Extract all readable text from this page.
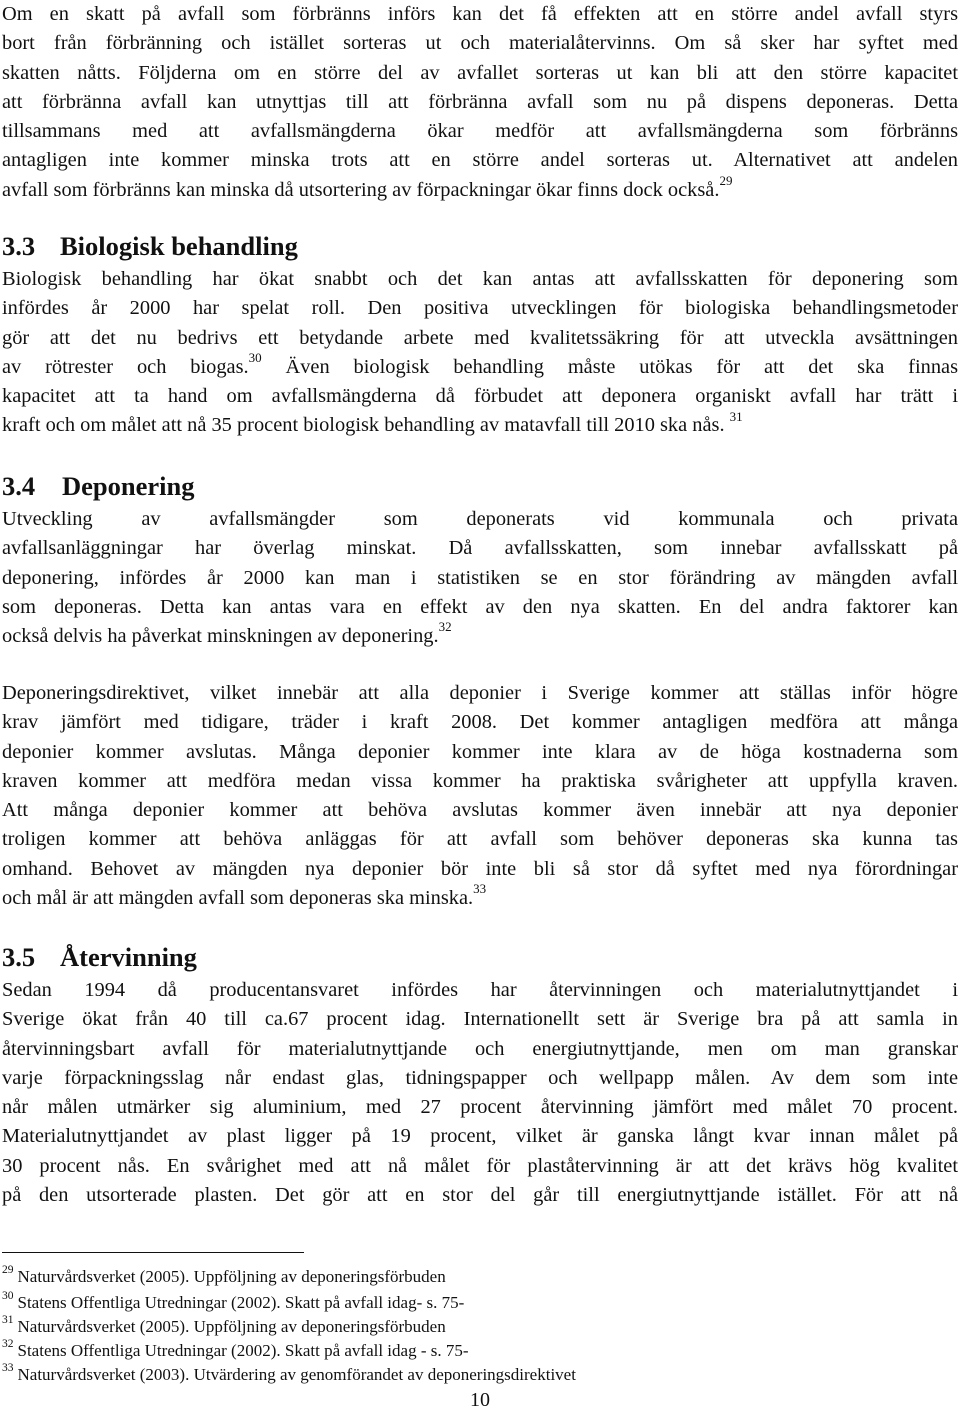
Om en skatt på avfall som förbränns införs kan det få effekten att en större andel avfall styrs
bort från förbränning och istället sorteras ut och materialåtervinns. Om så sker har syftet med
skatten nåtts. Följderna om en större del av avfallet sorteras ut kan bli att den större kapacitet
att förbränna avfall kan utnyttjas till att förbränna avfall som nu på dispens deponeras. Detta
tillsammans med att avfallsmängderna ökar medför att avfallsmängderna som förbränns
antagligen inte kommer minska trots att en större andel sorteras ut. Alternativet att andelen
avfall som förbränns kan minska då utsortering av förpackningar ökar finns dock också.$^{29}$
3.3 Biologisk behandling
Biologisk behandling har ökat snabbt och det kan antas att avfallsskatten för deponering som
infördes år 2000 har spelat roll. Den positiva utvecklingen för biologiska behandlingsmetoder
gör att det nu bedrivs ett betydande arbete med kvalitetssäkring för att utveckla avsättningen
av rötrester och biogas.$^{30}$ Även biologisk behandling måste utökas för att det ska finnas
kapacitet att ta hand om avfallsmängderna då förbudet att deponera organiskt avfall har trätt i
kraft och om målet att nå 35 procent biologisk behandling av matavfall till 2010 ska nås. $^{31}$
3.4 Deponering
Utveckling av avfallsmängder som deponerats vid kommunala och privata
avfallsanläggningar har överlag minskat. Då avfallsskatten, som innebar avfallsskatt på
deponering, infördes år 2000 kan man i statistiken se en stor förändring av mängden avfall
som deponeras. Detta kan antas vara en effekt av den nya skatten. En del andra faktorer kan
också delvis ha påverkat minskningen av deponering.$^{32}$
Deponeringsdirektivet, vilket innebär att alla deponier i Sverige kommer att ställas inför högre
krav jämfört med tidigare, träder i kraft 2008. Det kommer antagligen medföra att många
deponier kommer avslutas. Många deponier kommer inte klara av de höga kostnaderna som
kraven kommer att medföra medan vissa kommer ha praktiska svårigheter att uppfylla kraven.
Att många deponier kommer att behöva avslutas kommer även innebär att nya deponier
troligen kommer att behöva anläggas för att avfall som behöver deponeras ska kunna tas
omhand. Behovet av mängden nya deponier bör inte bli så stor då syftet med nya förordningar
och mål är att mängden avfall som deponeras ska minska.$^{33}$
3.5 Återvinning
Sedan 1994 då producentansvaret infördes har återvinningen och materialutnyttjandet i
Sverige ökat från 40 till ca.67 procent idag. Internationellt sett är Sverige bra på att samla in
återvinningsbart avfall för materialutnyttjande och energiutnyttjande, men om man granskar
varje förpackningsslag når endast glas, tidningspapper och wellpapp målen. Av dem som inte
når målen utmärker sig aluminium, med 27 procent återvinning jämfört med målet 70 procent.
Materialutnyttjandet av plast ligger på 19 procent, vilket är ganska långt kvar innan målet på
30 procent nås. En svårighet med att nå målet för plaståtervinning är att det krävs hög kvalitet
på den utsorterade plasten. Det gör att en stor del går till energiutnyttjande istället. För att nå
$^{29}$ Naturvårdsverket (2005). Uppföljning av deponeringsförbuden
$^{30}$ Statens Offentliga Utredningar (2002). Skatt på avfall idag- s. 75-
$^{31}$ Naturvårdsverket (2005). Uppföljning av deponeringsförbuden
$^{32}$ Statens Offentliga Utredningar (2002). Skatt på avfall idag - s. 75-
$^{33}$ Naturvårdsverket (2003). Utvärdering av genomförandet av deponeringsdirektivet
10
